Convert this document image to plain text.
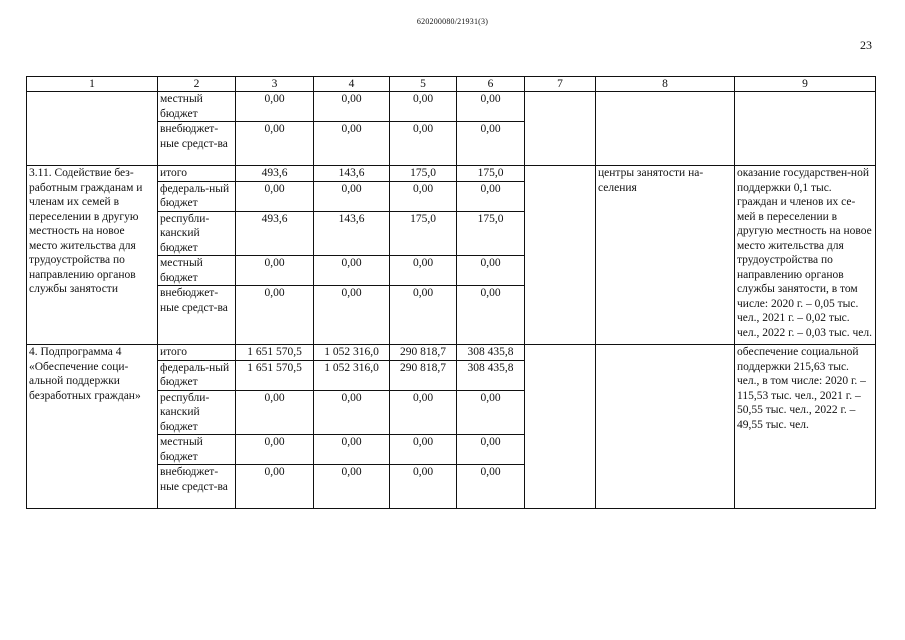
620200080/21931(3)
23
1	2	3	4	5	6	7	8	9
	местный бюджет	0,00	0,00	0,00	0,00			
	внебюджет-ные средст-ва	0,00	0,00	0,00	0,00			
3.11. Содействие без-работным гражданам и членам их семей в переселении в другую местность на новое место жительства для трудоустройства по направлению органов службы занятости	итого	493,6	143,6	175,0	175,0		центры занятости на-селения	оказание государствен-ной поддержки 0,1 тыс. граждан и членов их се-мей в переселении в другую местность на новое место жительства для трудоустройства по направлению органов службы занятости, в том числе: 2020 г. – 0,05 тыс. чел., 2021 г. – 0,02 тыс. чел., 2022 г. – 0,03 тыс. чел.
	федераль-ный бюджет	0,00	0,00	0,00	0,00			
	республи-канский бюджет	493,6	143,6	175,0	175,0			
	местный бюджет	0,00	0,00	0,00	0,00			
	внебюджет-ные средст-ва	0,00	0,00	0,00	0,00			
4. Подпрограмма 4 «Обеспечение соци-альной поддержки безработных граждан»	итого	1 651 570,5	1 052 316,0	290 818,7	308 435,8			обеспечение социальной поддержки 215,63 тыс. чел., в том числе: 2020 г. – 115,53 тыс. чел., 2021 г. – 50,55 тыс. чел., 2022 г. – 49,55 тыс. чел.
	федераль-ный бюджет	1 651 570,5	1 052 316,0	290 818,7	308 435,8			
	республи-канский бюджет	0,00	0,00	0,00	0,00			
	местный бюджет	0,00	0,00	0,00	0,00			
	внебюджет-ные средст-ва	0,00	0,00	0,00	0,00			
